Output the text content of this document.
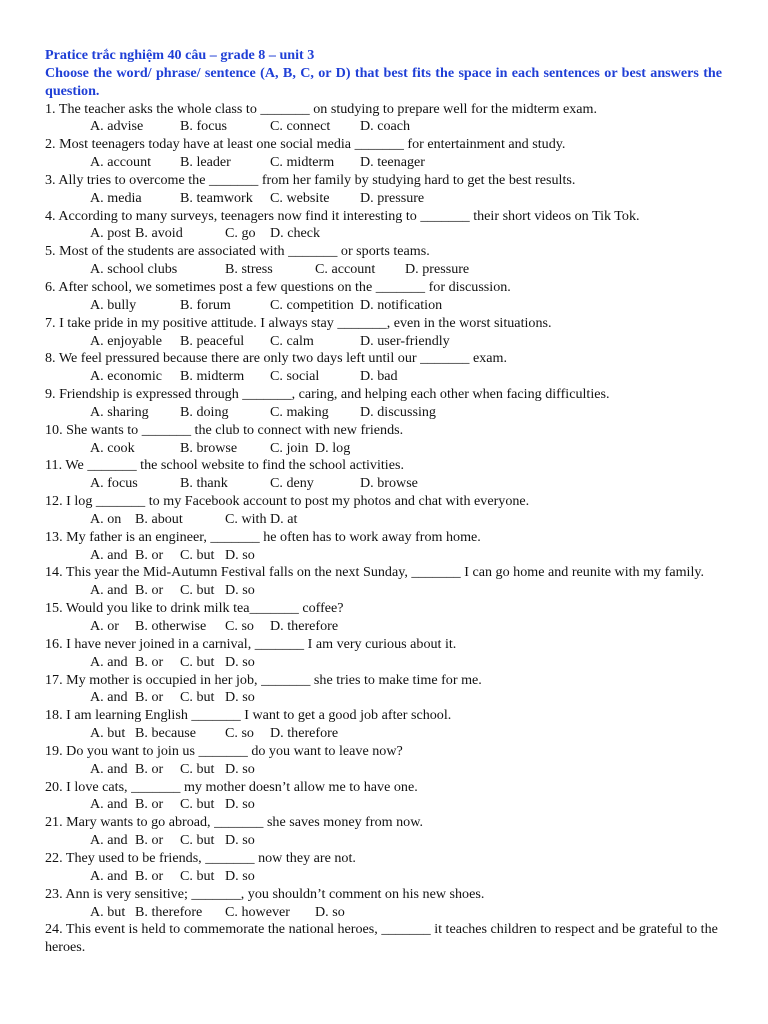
Pratice trắc nghiệm 40 câu – grade 8 – unit 3
Choose the word/ phrase/ sentence (A, B, C, or D) that best fits the space in each sentences or best answers the question.
1. The teacher asks the whole class to _______ on studying to prepare well for the midterm exam.
A. advise	B. focus	C. connect D. coach
2. Most teenagers today have at least one social media _______ for entertainment and study.
A. account B. leader	C. midterm D. teenager
3. Ally tries to overcome the _______ from her family by studying hard to get the best results.
A. media	B. teamwork C. website D. pressure
4. According to many surveys, teenagers now find it interesting to _______ their short videos on Tik Tok.
A. post B. avoid	C. go D. check
5. Most of the students are associated with _______ or sports teams.
A. school clubs	B. stress	C. account D. pressure
6. After school, we sometimes post a few questions on the _______ for discussion.
A. bully	B. forum	C. competition D. notification
7. I take pride in my positive attitude. I always stay _______, even in the worst situations.
A. enjoyable B. peaceful C. calm	D. user-friendly
8. We feel pressured because there are only two days left until our _______ exam.
A. economic B. midterm C. social	D. bad
9. Friendship is expressed through _______, caring, and helping each other when facing difficulties.
A. sharing B. doing	C. making D. discussing
10. She wants to _______ the club to connect with new friends.
A. cook	B. browse C. join D. log
11. We _______ the school website to find the school activities.
A. focus	B. thank	C. deny	D. browse
12. I log _______ to my Facebook account to post my photos and chat with everyone.
A. on B. about	C. with D. at
13. My father is an engineer, _______ he often has to work away from home.
A. and B. or C. but D. so
14. This year the Mid-Autumn Festival falls on the next Sunday, _______ I can go home and reunite with my family.
A. and B. or C. but D. so
15. Would you like to drink milk tea_______ coffee?
A. or B. otherwise C. so D. therefore
16. I have never joined in a carnival, _______ I am very curious about it.
A. and B. or C. but D. so
17. My mother is occupied in her job, _______ she tries to make time for me.
A. and B. or C. but D. so
18. I am learning English _______ I want to get a good job after school.
A. but B. because C. so D. therefore
19. Do you want to join us _______ do you want to leave now?
A. and B. or C. but D. so
20. I love cats, _______ my mother doesn’t allow me to have one.
A. and B. or C. but D. so
21. Mary wants to go abroad, _______ she saves money from now.
A. and B. or C. but D. so
22. They used to be friends, _______ now they are not.
A. and B. or C. but D. so
23. Ann is very sensitive; _______, you shouldn’t comment on his new shoes.
A. but B. therefore C. however D. so
24. This event is held to commemorate the national heroes, _______ it teaches children to respect and be grateful to the heroes.
